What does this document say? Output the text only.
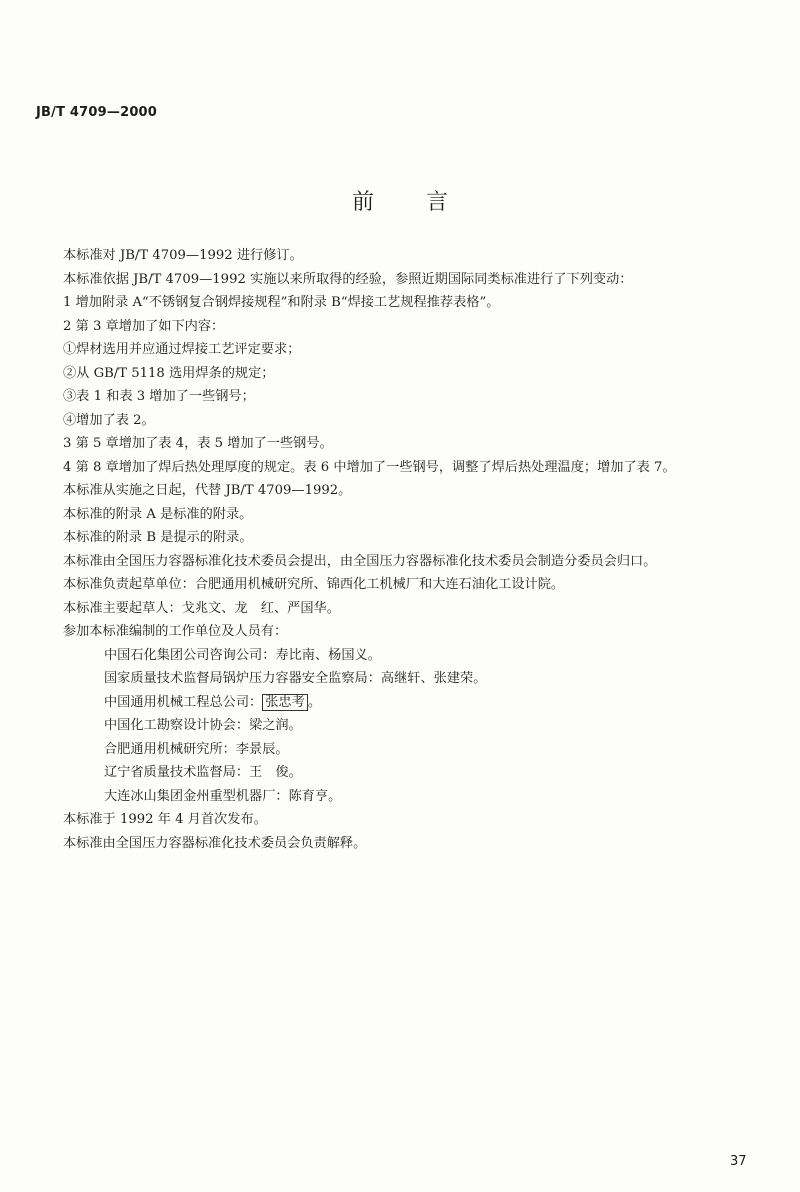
JB/T 4709—2000
前言

本标准对 JB/T 4709—1992 进行修订。

本标准依据 JB/T 4709—1992 实施以来所取得的经验，参照近期国际同类标准进行了下列变动：

1 增加附录 A“不锈钢复合钢焊接规程”和附录 B“焊接工艺规程推荐表格”。

2 第 3 章增加了如下内容：

①焊材选用并应通过焊接工艺评定要求；

②从 GB/T 5118 选用焊条的规定；

③表 1 和表 3 增加了一些钢号；

④增加了表 2。

3 第 5 章增加了表 4，表 5 增加了一些钢号。

4 第 8 章增加了焊后热处理厚度的规定。表 6 中增加了一些钢号，调整了焊后热处理温度；增加了表 7。

本标准从实施之日起，代替 JB/T 4709—1992。

本标准的附录 A 是标准的附录。

本标准的附录 B 是提示的附录。

本标准由全国压力容器标准化技术委员会提出，由全国压力容器标准化技术委员会制造分委员会归口。

本标准负责起草单位：合肥通用机械研究所、锦西化工机械厂和大连石油化工设计院。

本标准主要起草人：戈兆文、龙　红、严国华。

参加本标准编制的工作单位及人员有：

中国石化集团公司咨询公司：寿比南、杨国义。

国家质量技术监督局锅炉压力容器安全监察局：高继轩、张建荣。

中国通用机械工程总公司： 张忠考 。

中国化工勘察设计协会：梁之润。

合肥通用机械研究所：李景辰。

辽宁省质量技术监督局：王　俊。

大连冰山集团金州重型机器厂：陈育亨。

本标准于 1992 年 4 月首次发布。

本标准由全国压力容器标准化技术委员会负责解释。

37
